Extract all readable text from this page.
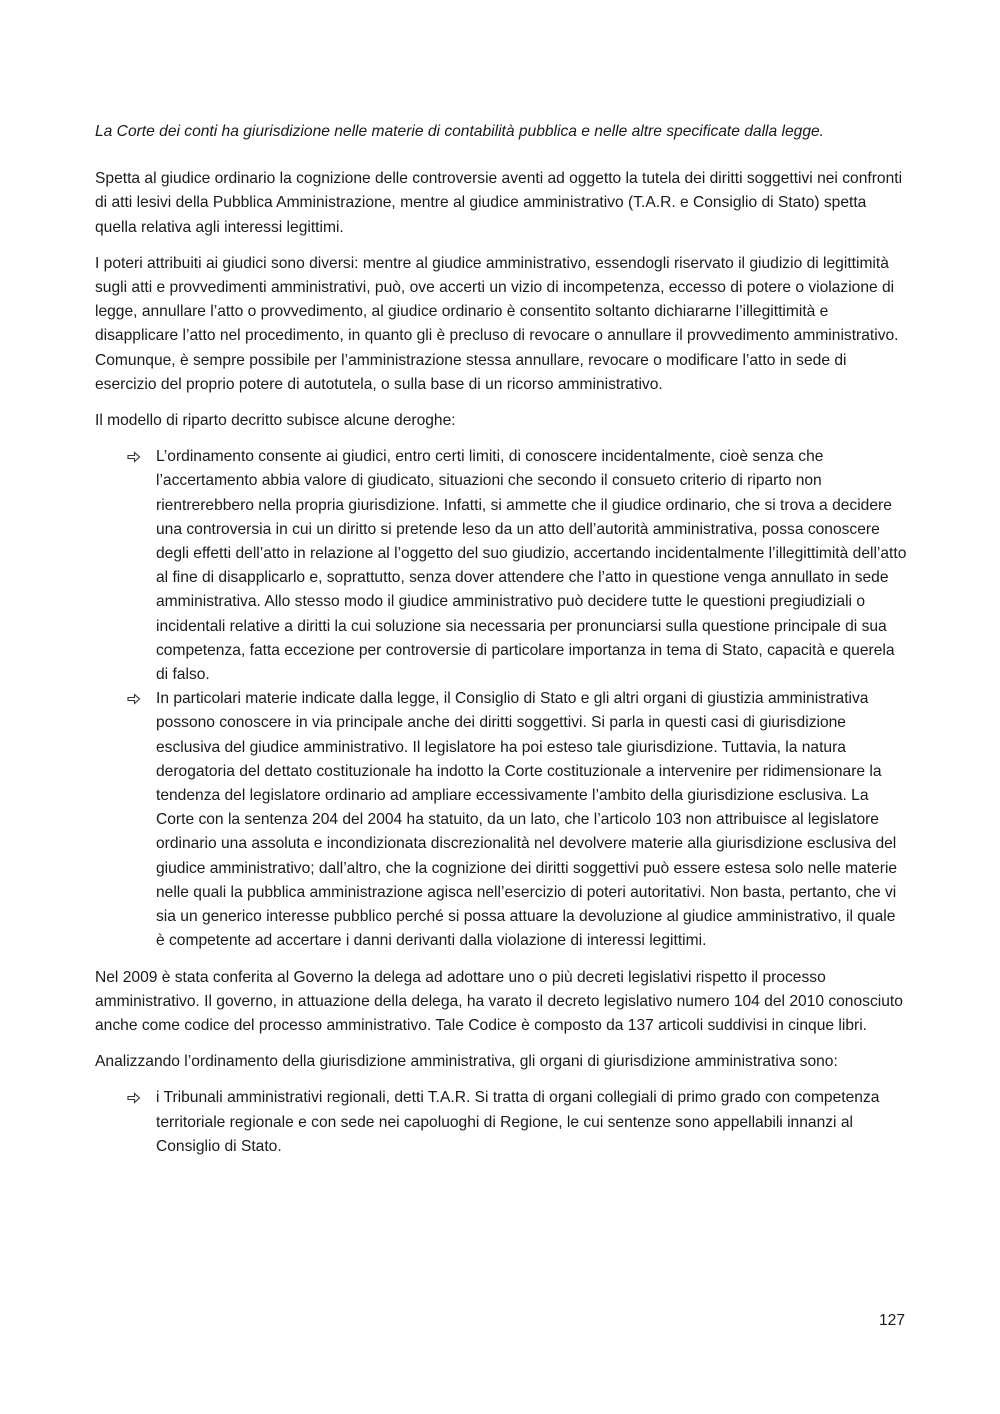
La Corte dei conti ha giurisdizione nelle materie di contabilità pubblica e nelle altre specificate dalla legge.

Spetta al giudice ordinario la cognizione delle controversie aventi ad oggetto la tutela dei diritti soggettivi nei confronti di atti lesivi della Pubblica Amministrazione, mentre al giudice amministrativo (T.A.R. e Consiglio di Stato) spetta quella relativa agli interessi legittimi.

I poteri attribuiti ai giudici sono diversi: mentre al giudice amministrativo, essendogli riservato il giudizio di legittimità sugli atti e provvedimenti amministrativi, può, ove accerti un vizio di incompetenza, eccesso di potere o violazione di legge, annullare l’atto o provvedimento, al giudice ordinario è consentito soltanto dichiararne l’illegittimità e disapplicare l’atto nel procedimento, in quanto gli è precluso di revocare o annullare il provvedimento amministrativo. Comunque, è sempre possibile per l’amministrazione stessa annullare, revocare o modificare l’atto in sede di esercizio del proprio potere di autotutela, o sulla base di un ricorso amministrativo.

Il modello di riparto decritto subisce alcune deroghe:

L’ordinamento consente ai giudici, entro certi limiti, di conoscere incidentalmente, cioè senza che l’accertamento abbia valore di giudicato, situazioni che secondo il consueto criterio di riparto non rientrerebbero nella propria giurisdizione. Infatti, si ammette che il giudice ordinario, che si trova a decidere una controversia in cui un diritto si pretende leso da un atto dell’autorità amministrativa, possa conoscere degli effetti dell’atto in relazione al l’oggetto del suo giudizio, accertando incidentalmente l’illegittimità dell’atto al fine di disapplicarlo e, soprattutto, senza dover attendere che l’atto in questione venga annullato in sede amministrativa. Allo stesso modo il giudice amministrativo può decidere tutte le questioni pregiudiziali o incidentali relative a diritti la cui soluzione sia necessaria per pronunciarsi sulla questione principale di sua competenza, fatta eccezione per controversie di particolare importanza in tema di Stato, capacità e querela di falso.
In particolari materie indicate dalla legge, il Consiglio di Stato e gli altri organi di giustizia amministrativa possono conoscere in via principale anche dei diritti soggettivi. Si parla in questi casi di giurisdizione esclusiva del giudice amministrativo. Il legislatore ha poi esteso tale giurisdizione. Tuttavia, la natura derogatoria del dettato costituzionale ha indotto la Corte costituzionale a intervenire per ridimensionare la tendenza del legislatore ordinario ad ampliare eccessivamente l’ambito della giurisdizione esclusiva. La Corte con la sentenza 204 del 2004 ha statuito, da un lato, che l’articolo 103 non attribuisce al legislatore ordinario una assoluta e incondizionata discrezionalità nel devolvere materie alla giurisdizione esclusiva del giudice amministrativo; dall’altro, che la cognizione dei diritti soggettivi può essere estesa solo nelle materie nelle quali la pubblica amministrazione agisca nell’esercizio di poteri autoritativi. Non basta, pertanto, che vi sia un generico interesse pubblico perché si possa attuare la devoluzione al giudice amministrativo, il quale è competente ad accertare i danni derivanti dalla violazione di interessi legittimi.

Nel 2009 è stata conferita al Governo la delega ad adottare uno o più decreti legislativi rispetto il processo amministrativo. Il governo, in attuazione della delega, ha varato il decreto legislativo numero 104 del 2010 conosciuto anche come codice del processo amministrativo. Tale Codice è composto da 137 articoli suddivisi in cinque libri.

Analizzando l’ordinamento della giurisdizione amministrativa, gli organi di giurisdizione amministrativa sono:

i Tribunali amministrativi regionali, detti T.A.R. Si tratta di organi collegiali di primo grado con competenza territoriale regionale e con sede nei capoluoghi di Regione, le cui sentenze sono appellabili innanzi al Consiglio di Stato.
127
